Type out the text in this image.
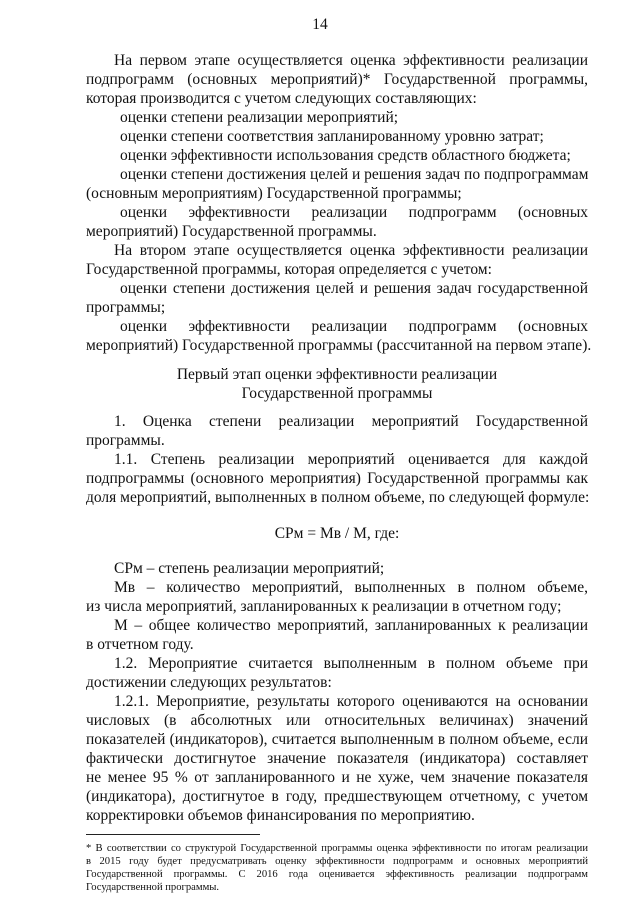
14

На первом этапе осуществляется оценка эффективности реализации

подпрограмм (основных мероприятий)* Государственной программы,

которая производится с учетом следующих составляющих:

оценки степени реализации мероприятий;

оценки степени соответствия запланированному уровню затрат;

оценки эффективности использования средств областного бюджета;

оценки степени достижения целей и решения задач по подпрограммам

(основным мероприятиям) Государственной программы;

оценки эффективности реализации подпрограмм (основных

мероприятий) Государственной программы.

На втором этапе осуществляется оценка эффективности реализации

Государственной программы, которая определяется с учетом:

оценки степени достижения целей и решения задач государственной

программы;

оценки эффективности реализации подпрограмм (основных

мероприятий) Государственной программы (рассчитанной на первом этапе).

Первый этап оценки эффективности реализации

Государственной программы

1. Оценка степени реализации мероприятий Государственной

программы.

1.1. Степень реализации мероприятий оценивается для каждой

подпрограммы (основного мероприятия) Государственной программы как

доля мероприятий, выполненных в полном объеме, по следующей формуле:

СРм = Мв / М, где:

СРм – степень реализации мероприятий;

Мв – количество мероприятий, выполненных в полном объеме,

из числа мероприятий, запланированных к реализации в отчетном году;

М – общее количество мероприятий, запланированных к реализации

в отчетном году.

1.2. Мероприятие считается выполненным в полном объеме при

достижении следующих результатов:

1.2.1. Мероприятие, результаты которого оцениваются на основании

числовых (в абсолютных или относительных величинах) значений

показателей (индикаторов), считается выполненным в полном объеме, если

фактически достигнутое значение показателя (индикатора) составляет

не менее 95 % от запланированного и не хуже, чем значение показателя

(индикатора), достигнутое в году, предшествующем отчетному, с учетом

корректировки объемов финансирования по мероприятию.

* В соответствии со структурой Государственной программы оценка эффективности по итогам реализации

в 2015 году будет предусматривать оценку эффективности подпрограмм и основных мероприятий

Государственной программы. С 2016 года оценивается эффективность реализации подпрограмм

Государственной программы.
